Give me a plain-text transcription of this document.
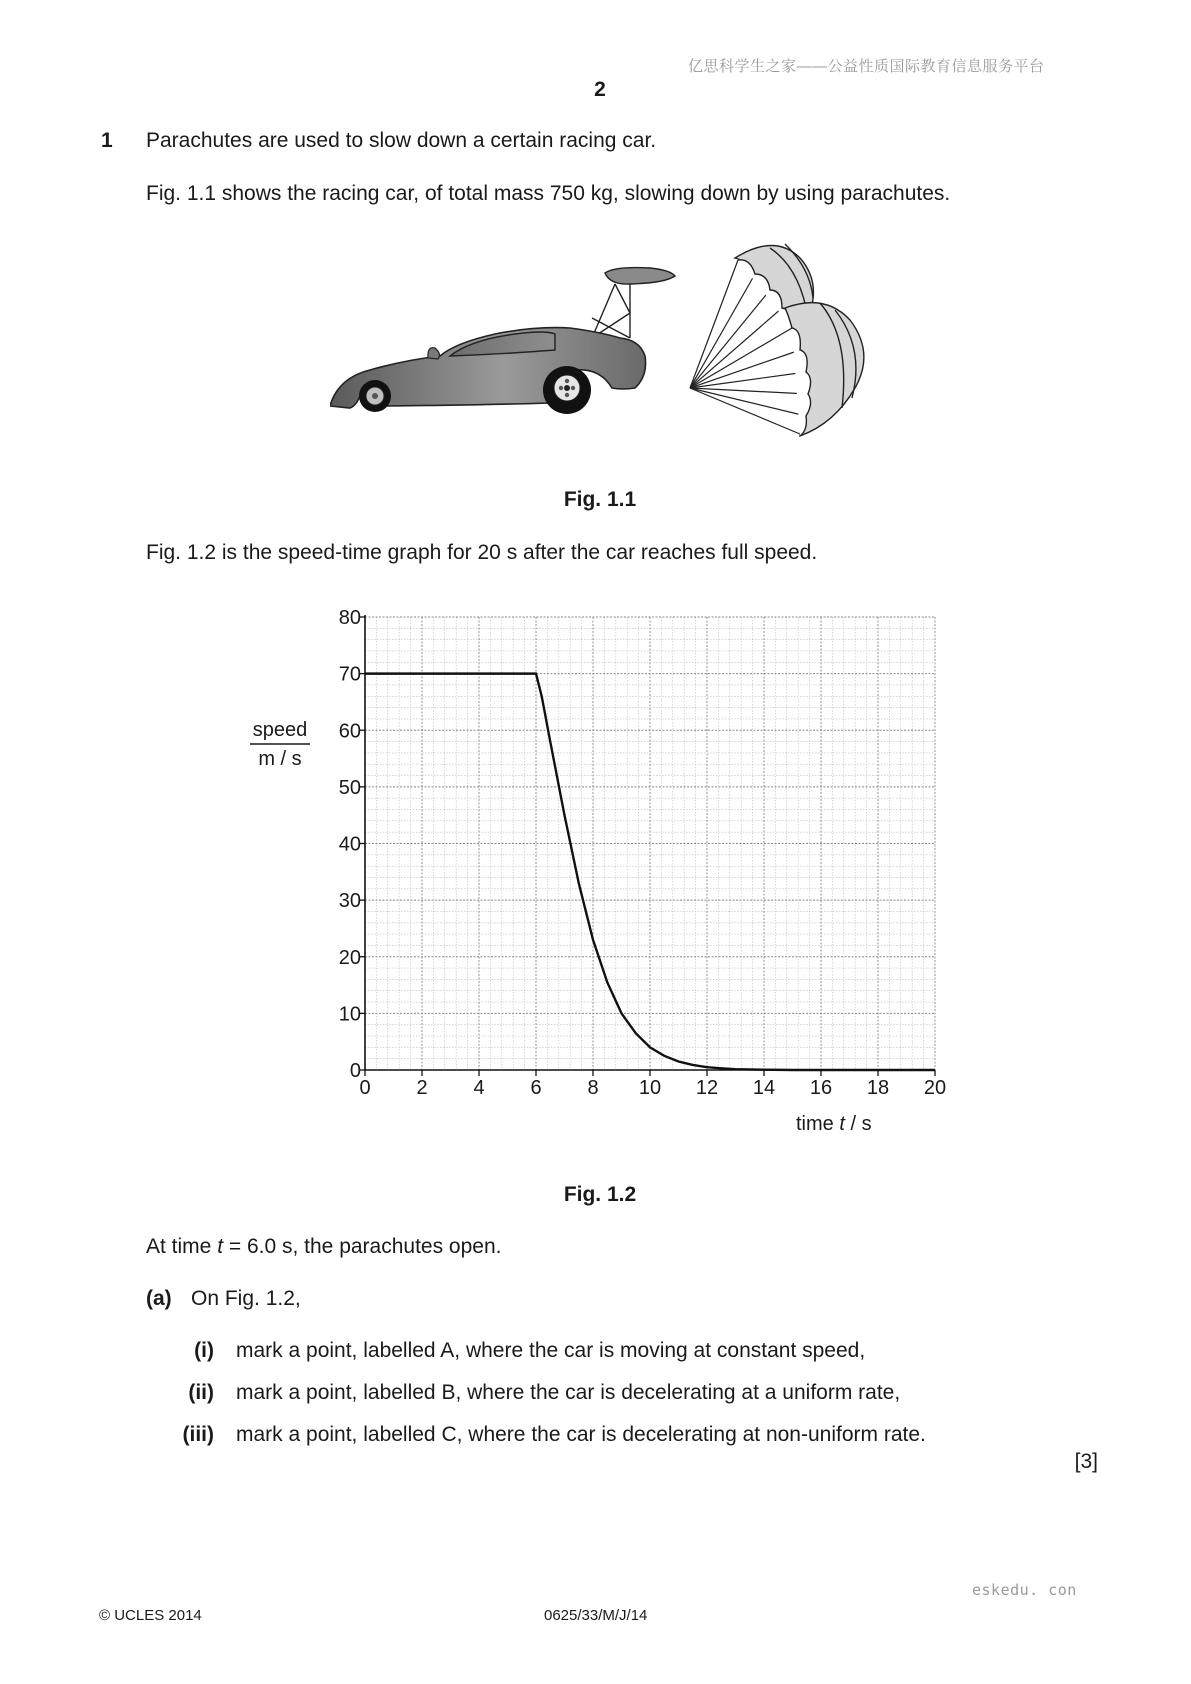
亿思科学生之家——公益性质国际教育信息服务平台
2
1 Parachutes are used to slow down a certain racing car.
Fig. 1.1 shows the racing car, of total mass 750 kg, slowing down by using parachutes.
Fig. 1.1
Fig. 1.2 is the speed-time graph for 20 s after the car reaches full speed.
0
10
20
30
40
50
60
70
80
0 2 4 6 8 10 12 14 16 18 20
speed
m / s
time t / s
Fig. 1.2
At time t = 6.0 s, the parachutes open.
(a) On Fig. 1.2,
(i) mark a point, labelled A, where the car is moving at constant speed,
(ii) mark a point, labelled B, where the car is decelerating at a uniform rate,
(iii) mark a point, labelled C, where the car is decelerating at non-uniform rate.
[3]
eskedu. con
© UCLES 2014	0625/33/M/J/14
